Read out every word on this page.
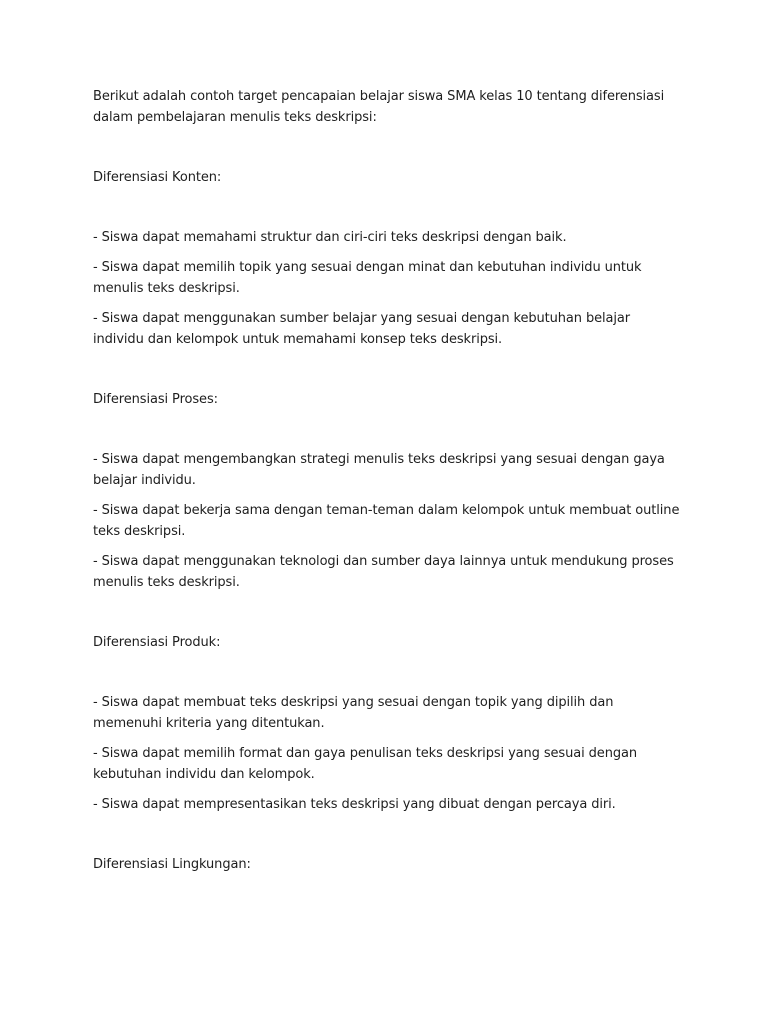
Berikut adalah contoh target pencapaian belajar siswa SMA kelas 10 tentang diferensiasi dalam pembelajaran menulis teks deskripsi:

Diferensiasi Konten:

- Siswa dapat memahami struktur dan ciri-ciri teks deskripsi dengan baik.

- Siswa dapat memilih topik yang sesuai dengan minat dan kebutuhan individu untuk menulis teks deskripsi.

- Siswa dapat menggunakan sumber belajar yang sesuai dengan kebutuhan belajar individu dan kelompok untuk memahami konsep teks deskripsi.

Diferensiasi Proses:

- Siswa dapat mengembangkan strategi menulis teks deskripsi yang sesuai dengan gaya belajar individu.

- Siswa dapat bekerja sama dengan teman-teman dalam kelompok untuk membuat outline teks deskripsi.

- Siswa dapat menggunakan teknologi dan sumber daya lainnya untuk mendukung proses menulis teks deskripsi.

Diferensiasi Produk:

- Siswa dapat membuat teks deskripsi yang sesuai dengan topik yang dipilih dan memenuhi kriteria yang ditentukan.

- Siswa dapat memilih format dan gaya penulisan teks deskripsi yang sesuai dengan kebutuhan individu dan kelompok.

- Siswa dapat mempresentasikan teks deskripsi yang dibuat dengan percaya diri.

Diferensiasi Lingkungan:
